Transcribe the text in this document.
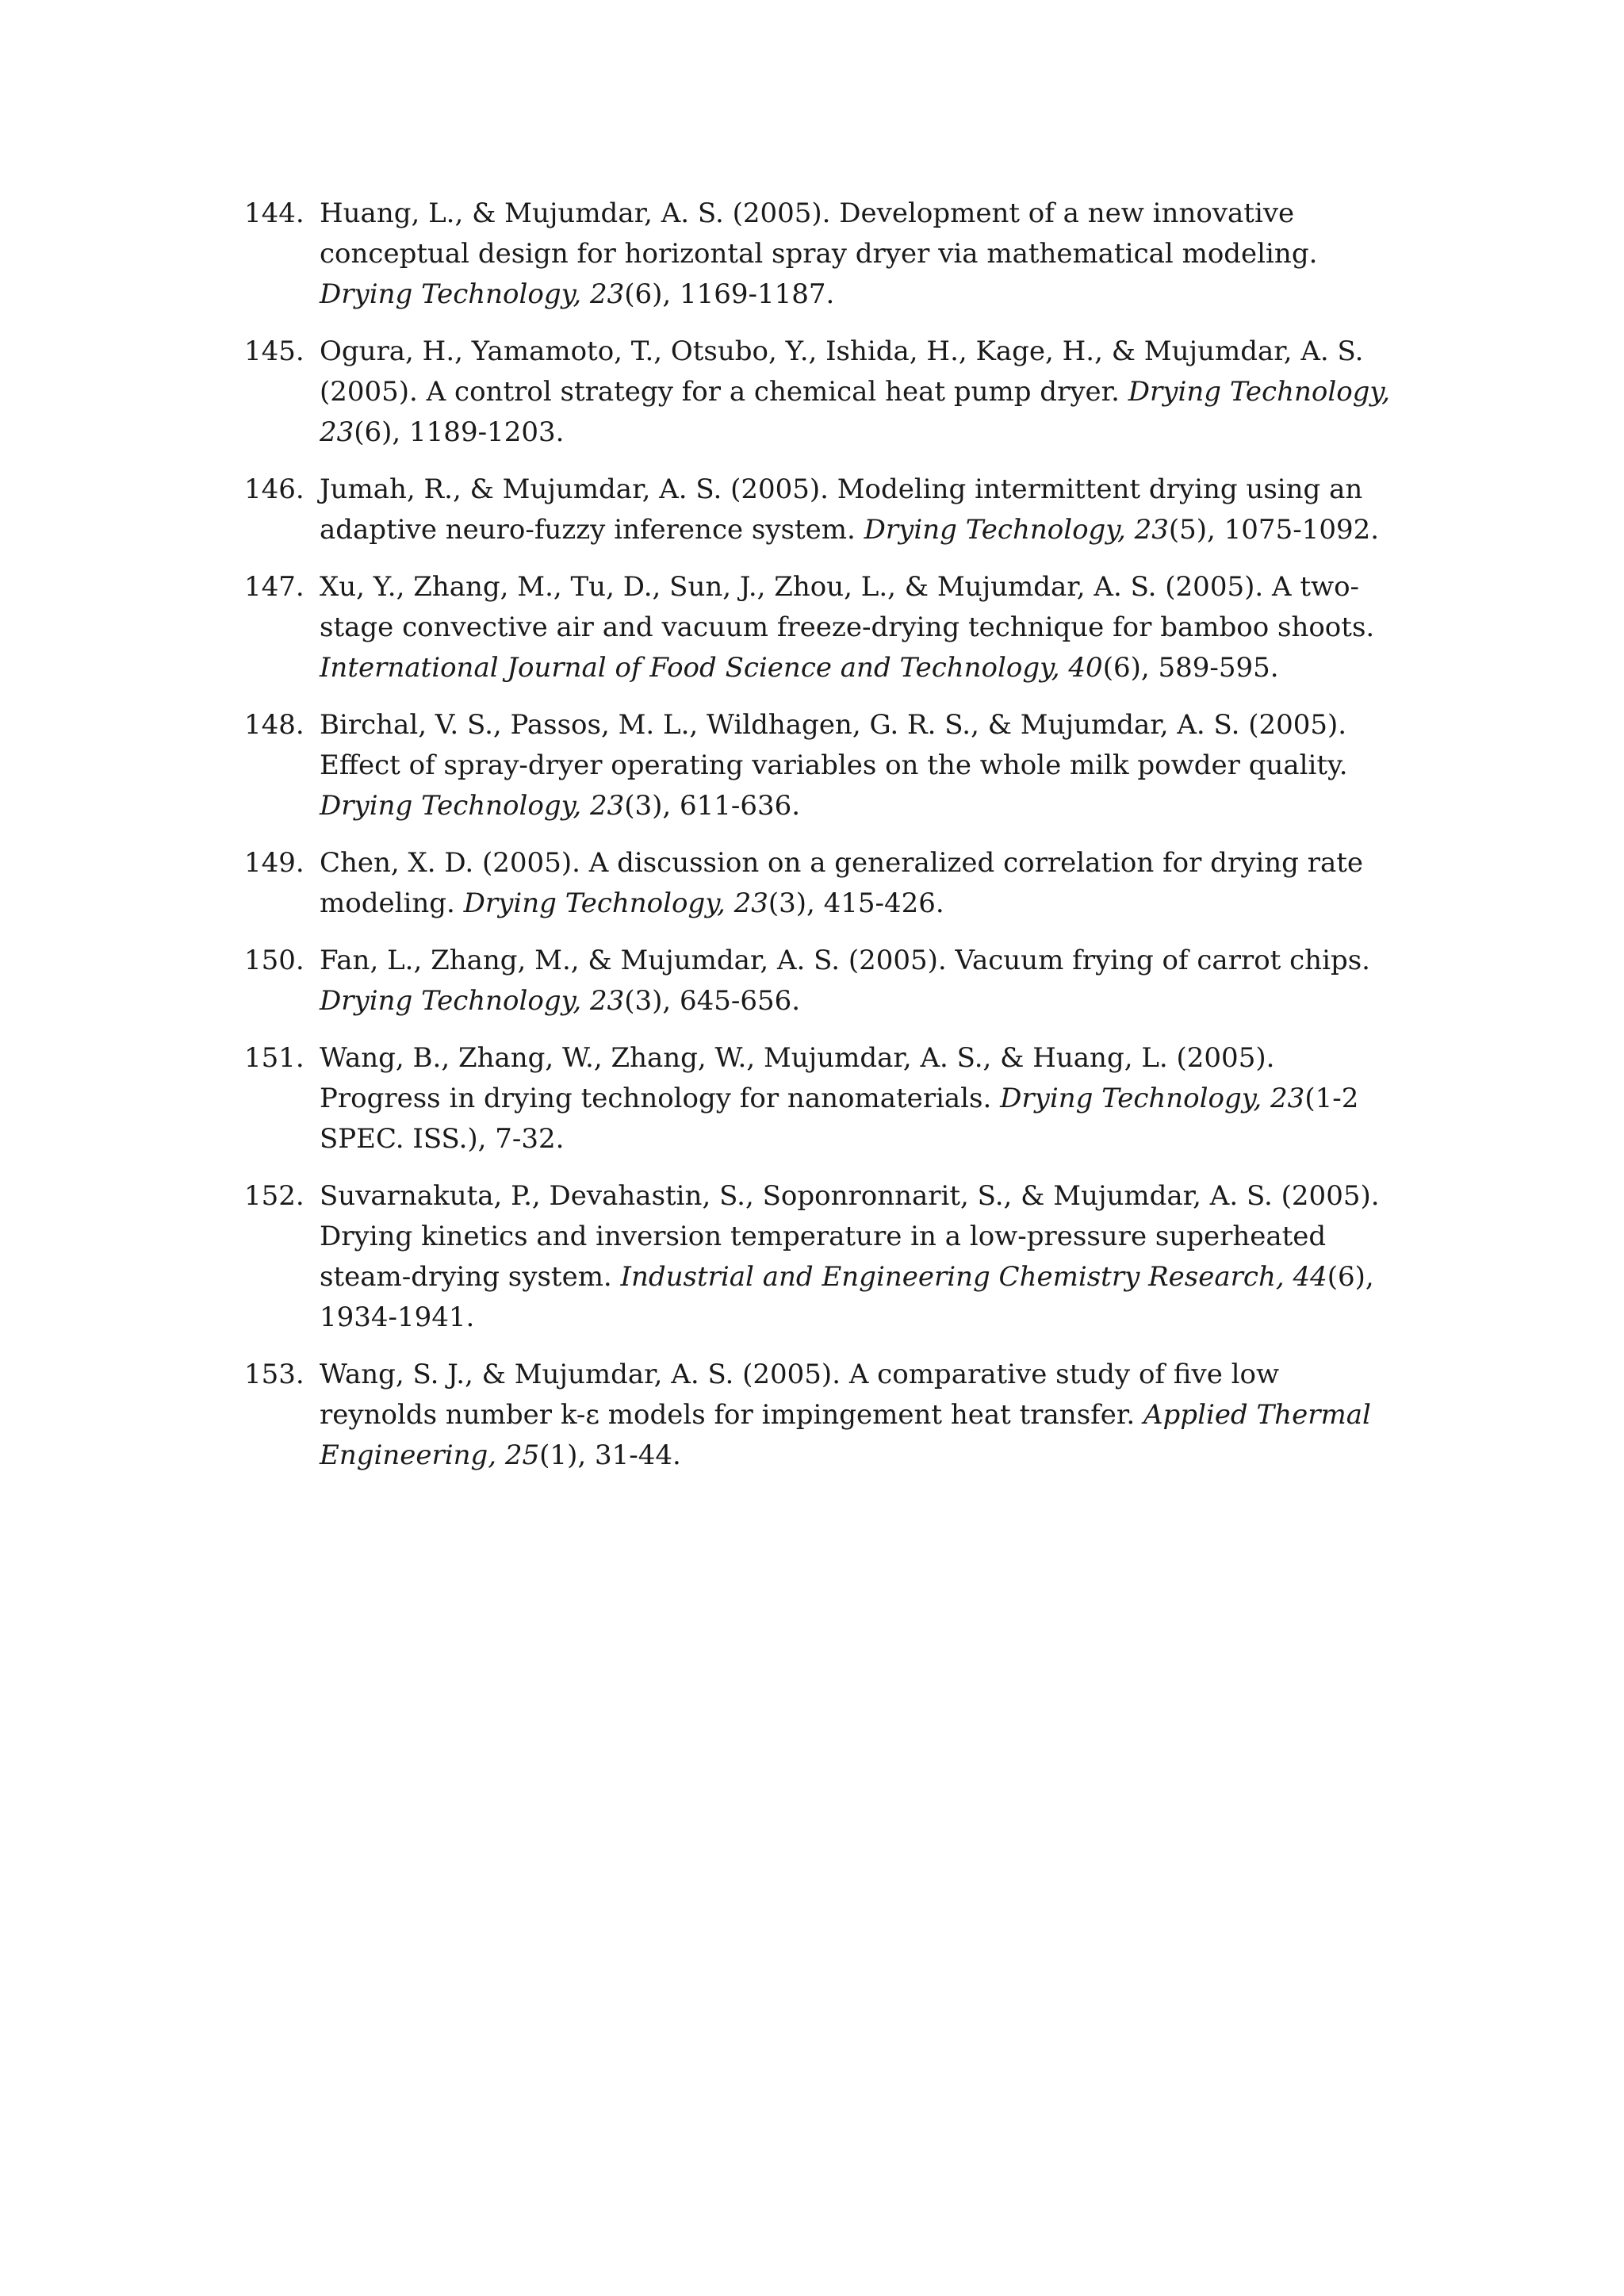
144. Huang, L., & Mujumdar, A. S. (2005). Development of a new innovative conceptual design for horizontal spray dryer via mathematical modeling. Drying Technology, 23(6), 1169-1187.
145. Ogura, H., Yamamoto, T., Otsubo, Y., Ishida, H., Kage, H., & Mujumdar, A. S. (2005). A control strategy for a chemical heat pump dryer. Drying Technology, 23(6), 1189-1203.
146. Jumah, R., & Mujumdar, A. S. (2005). Modeling intermittent drying using an adaptive neuro-fuzzy inference system. Drying Technology, 23(5), 1075-1092.
147. Xu, Y., Zhang, M., Tu, D., Sun, J., Zhou, L., & Mujumdar, A. S. (2005). A two-stage convective air and vacuum freeze-drying technique for bamboo shoots. International Journal of Food Science and Technology, 40(6), 589-595.
148. Birchal, V. S., Passos, M. L., Wildhagen, G. R. S., & Mujumdar, A. S. (2005). Effect of spray-dryer operating variables on the whole milk powder quality. Drying Technology, 23(3), 611-636.
149. Chen, X. D. (2005). A discussion on a generalized correlation for drying rate modeling. Drying Technology, 23(3), 415-426.
150. Fan, L., Zhang, M., & Mujumdar, A. S. (2005). Vacuum frying of carrot chips. Drying Technology, 23(3), 645-656.
151. Wang, B., Zhang, W., Zhang, W., Mujumdar, A. S., & Huang, L. (2005). Progress in drying technology for nanomaterials. Drying Technology, 23(1-2 SPEC. ISS.), 7-32.
152. Suvarnakuta, P., Devahastin, S., Soponronnarit, S., & Mujumdar, A. S. (2005). Drying kinetics and inversion temperature in a low-pressure superheated steam-drying system. Industrial and Engineering Chemistry Research, 44(6), 1934-1941.
153. Wang, S. J., & Mujumdar, A. S. (2005). A comparative study of five low reynolds number k-ε models for impingement heat transfer. Applied Thermal Engineering, 25(1), 31-44.
